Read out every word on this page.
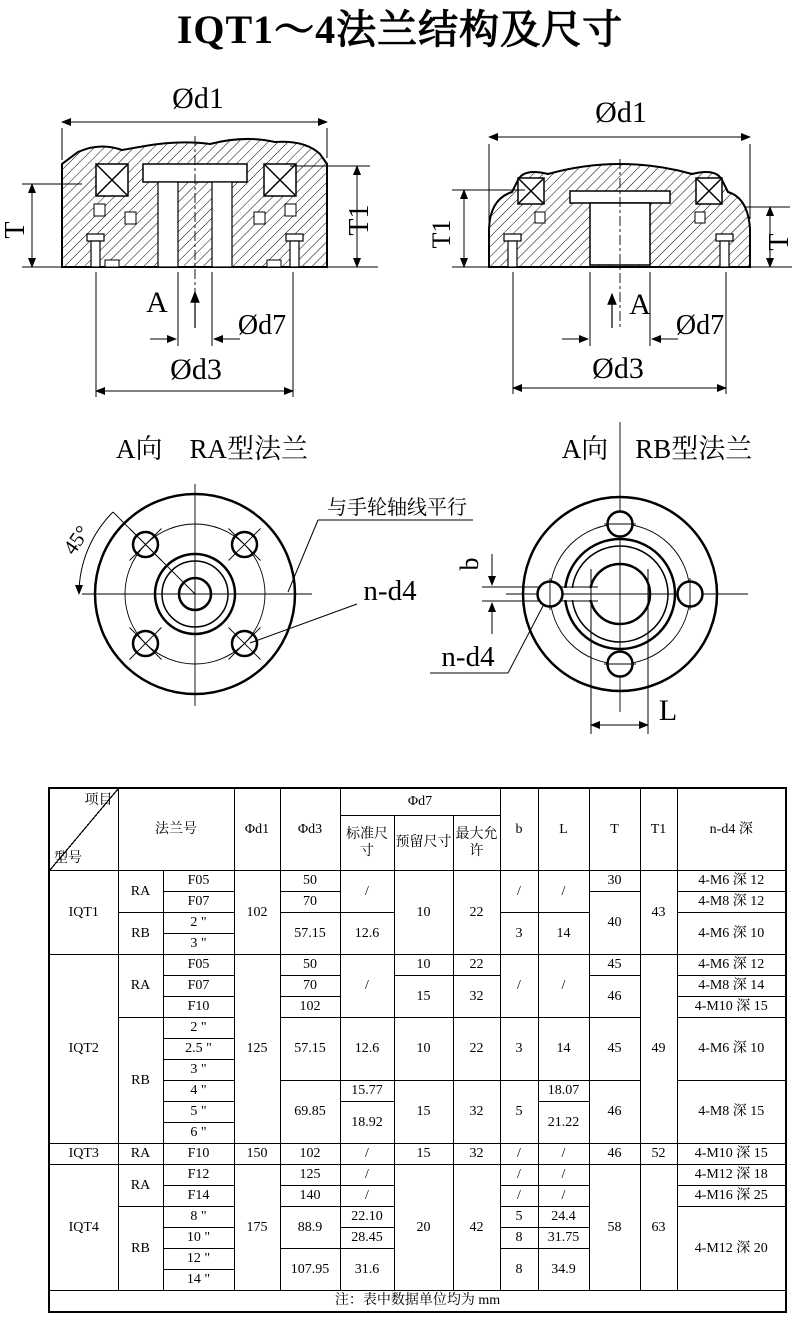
IQT1～4法兰结构及尺寸
Ød1
T	T1
A
Ød7
Ød3
Ød1
T1	T
A
Ød7
Ød3
A向　RA型法兰	A向　RB型法兰
45°
与手轮轴线平行
n-d4
b
n-d4
L
项目
型号	法兰号		Φd1	Φd3	Φd7			b	L	T	T1	n-d4 深
					标准尺寸	预留尺寸	最大允许					
IQT1	RA	F05	102	50	/	10	22	/	/	30	43	4-M6 深 12
		F07		70						40		4-M8 深 12
	RB	2 "		57.15	12.6			3	14			4-M6 深 10
		3 "										
IQT2	RA	F05	125	50	/	10	22	/	/	45	49	4-M6 深 12
		F07		70		15	32			46		4-M8 深 14
		F10		102								4-M10 深 15
	RB	2 "		57.15	12.6	10	22	3	14	45		4-M6 深 10
		2.5 "										
		3 "										
		4 "		69.85	15.77	15	32	5	18.07	46		4-M8 深 15
		5 "			18.92				21.22			
		6 "										
IQT3	RA	F10	150	102	/	15	32	/	/	46	52	4-M10 深 15
IQT4	RA	F12	175	125	/	20	42	/	/	58	63	4-M12 深 18
		F14		140	/			/	/			4-M16 深 25
	RB	8 "		88.9	22.10			5	24.4			4-M12 深 20
		10 "			28.45			8	31.75			
		12 "		107.95	31.6			8	34.9			
		14 "										
注：表中数据单位均为 mm												
